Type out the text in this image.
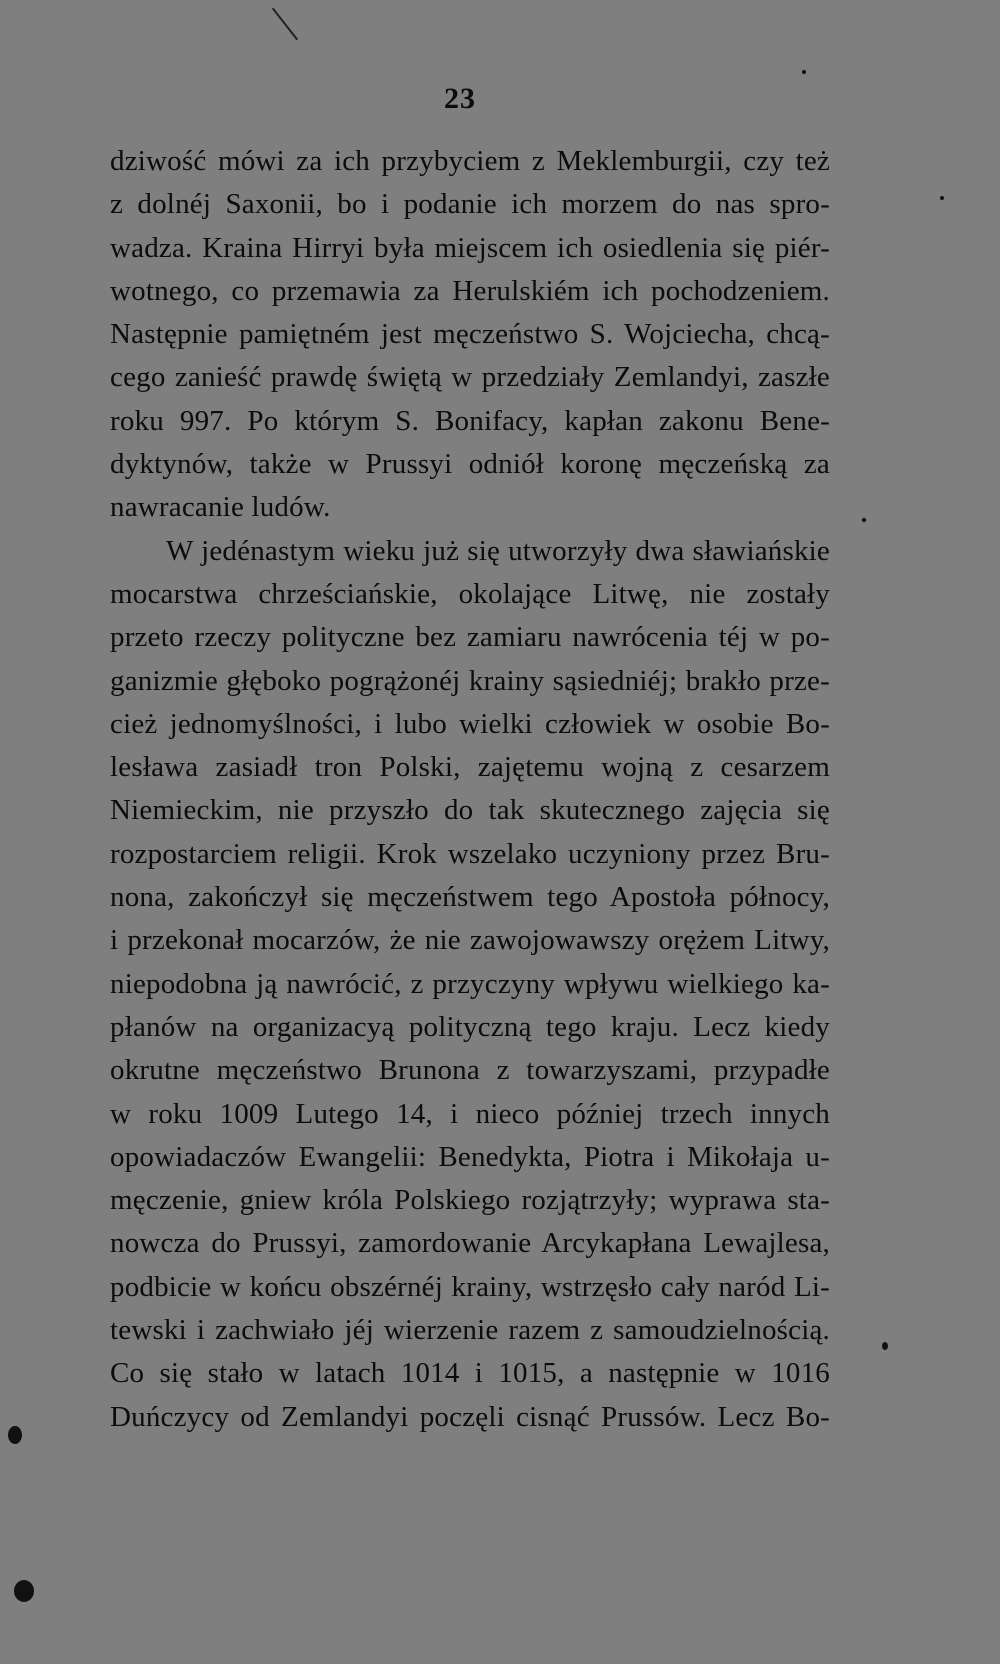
23
dziwość mówi za ich przybyciem z Meklemburgii, czy też
z dolnéj Saxonii, bo i podanie ich morzem do nas spro-
wadza. Kraina Hirryi była miejscem ich osiedlenia się piér-
wotnego, co przemawia za Herulskiém ich pochodzeniem.
Następnie pamiętném jest męczeństwo S. Wojciecha, chcą-
cego zanieść prawdę świętą w przedziały Zemlandyi, zaszłe
roku 997. Po którym S. Bonifacy, kapłan zakonu Bene-
dyktynów, także w Prussyi odniół koronę męczeńską za
nawracanie ludów.
W jedénastym wieku już się utworzyły dwa sławiańskie
mocarstwa chrześciańskie, okolające Litwę, nie zostały
przeto rzeczy polityczne bez zamiaru nawrócenia téj w po-
ganizmie głęboko pogrążonéj krainy sąsiedniéj; brakło prze-
cież jednomyślności, i lubo wielki człowiek w osobie Bo-
lesława zasiadł tron Polski, zajętemu wojną z cesarzem
Niemieckim, nie przyszło do tak skutecznego zajęcia się
rozpostarciem religii. Krok wszelako uczyniony przez Bru-
nona, zakończył się męczeństwem tego Apostoła północy,
i przekonał mocarzów, że nie zawojowawszy orężem Litwy,
niepodobna ją nawrócić, z przyczyny wpływu wielkiego ka-
płanów na organizacyą polityczną tego kraju. Lecz kiedy
okrutne męczeństwo Brunona z towarzyszami, przypadłe
w roku 1009 Lutego 14, i nieco później trzech innych
opowiadaczów Ewangelii: Benedykta, Piotra i Mikołaja u-
męczenie, gniew króla Polskiego rozjątrzyły; wyprawa sta-
nowcza do Prussyi, zamordowanie Arcykapłana Lewajlesa,
podbicie w końcu obszérnéj krainy, wstrzęsło cały naród Li-
tewski i zachwiało jéj wierzenie razem z samoudzielnością.
Co się stało w latach 1014 i 1015, a następnie w 1016
Duńczycy od Zemlandyi poczęli cisnąć Prussów. Lecz Bo-
